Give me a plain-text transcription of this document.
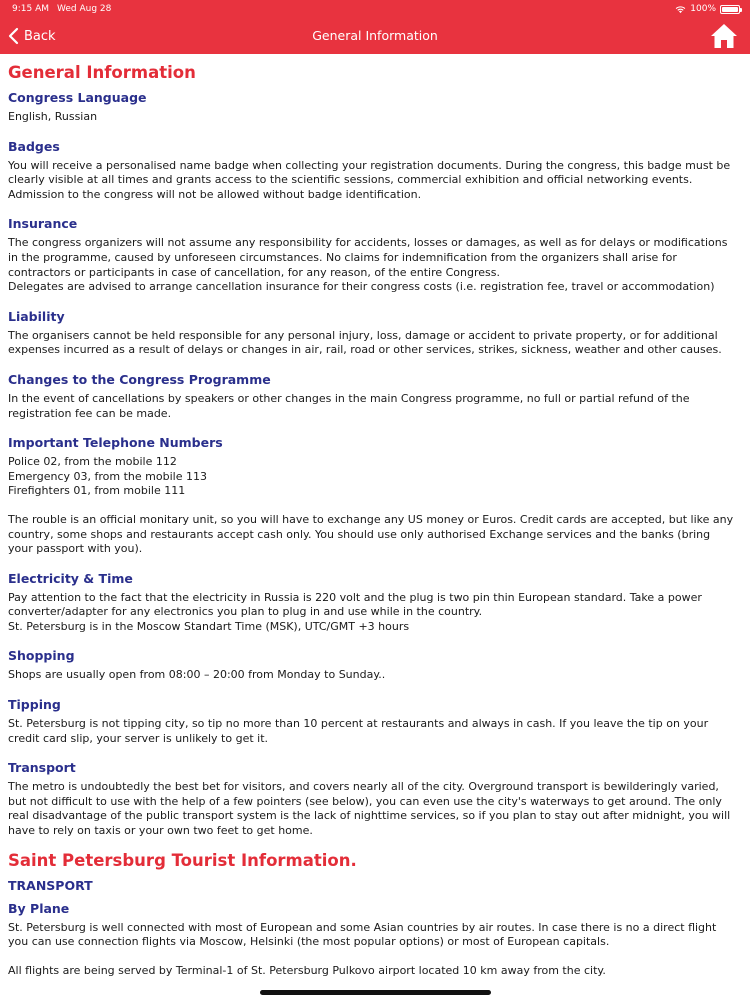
9:15 AM Wed Aug 28	100%
Back	General Information
General Information
Congress Language

English, Russian

Badges

You will receive a personalised name badge when collecting your registration documents. During the congress, this badge must be clearly visible at all times and grants access to the scientific sessions, commercial exhibition and official networking events. Admission to the congress will not be allowed without badge identification.

Insurance

The congress organizers will not assume any responsibility for accidents, losses or damages, as well as for delays or modifications in the programme, caused by unforeseen circumstances. No claims for indemnification from the organizers shall arise for contractors or participants in case of cancellation, for any reason, of the entire Congress.

Delegates are advised to arrange cancellation insurance for their congress costs (i.e. registration fee, travel or accommodation)

Liability

The organisers cannot be held responsible for any personal injury, loss, damage or accident to private property, or for additional expenses incurred as a result of delays or changes in air, rail, road or other services, strikes, sickness, weather and other causes.

Changes to the Congress Programme

In the event of cancellations by speakers or other changes in the main Congress programme, no full or partial refund of the registration fee can be made.

Important Telephone Numbers

Police 02, from the mobile 112

Emergency 03, from the mobile 113

Firefighters 01, from mobile 111

The rouble is an official monitary unit, so you will have to exchange any US money or Euros. Credit cards are accepted, but like any country, some shops and restaurants accept cash only. You should use only authorised Exchange services and the banks (bring your passport with you).

Electricity & Time

Pay attention to the fact that the electricity in Russia is 220 volt and the plug is two pin thin European standard. Take a power converter/adapter for any electronics you plan to plug in and use while in the country.

St. Petersburg is in the Moscow Standart Time (MSK), UTC/GMT +3 hours

Shopping

Shops are usually open from 08:00 – 20:00 from Monday to Sunday..

Tipping

St. Petersburg is not tipping city, so tip no more than 10 percent at restaurants and always in cash. If you leave the tip on your credit card slip, your server is unlikely to get it.

Transport

The metro is undoubtedly the best bet for visitors, and covers nearly all of the city. Overground transport is bewilderingly varied, but not difficult to use with the help of a few pointers (see below), you can even use the city's waterways to get around. The only real disadvantage of the public transport system is the lack of nighttime services, so if you plan to stay out after midnight, you will have to rely on taxis or your own two feet to get home.

Saint Petersburg Tourist Information.
TRANSPORT
By Plane

St. Petersburg is well connected with most of European and some Asian countries by air routes. In case there is no a direct flight you can use connection flights via Moscow, Helsinki (the most popular options) or most of European capitals.

All flights are being served by Terminal-1 of St. Petersburg Pulkovo airport located 10 km away from the city.
